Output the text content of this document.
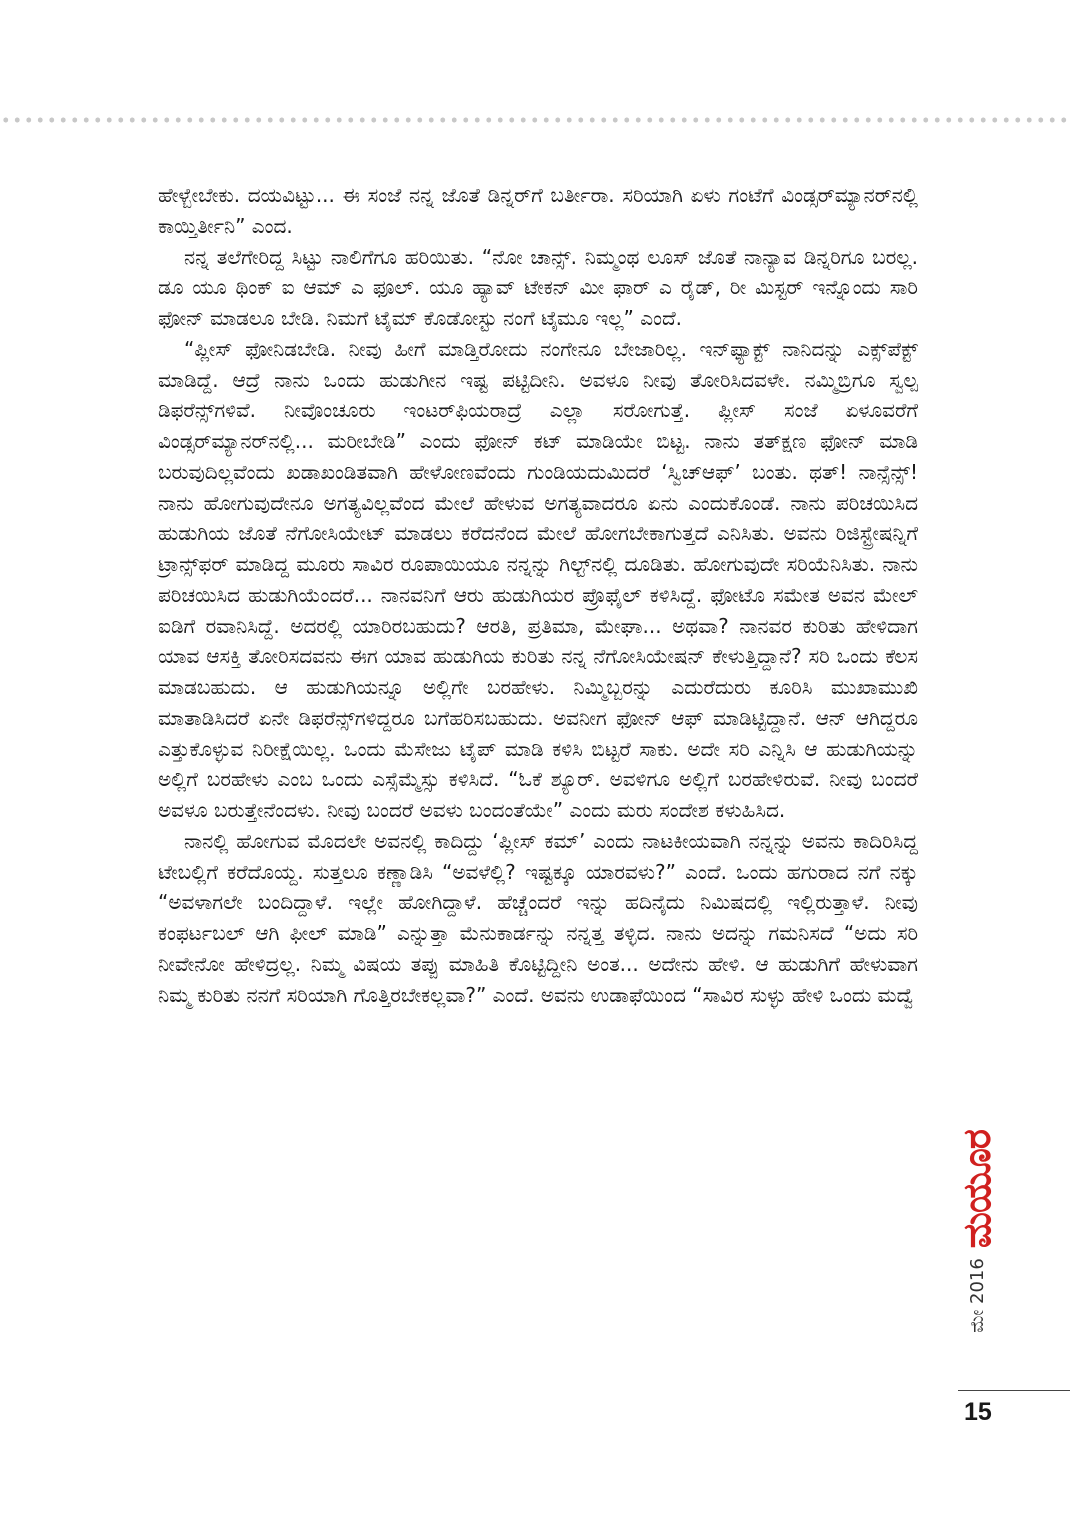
ಹೇಳ್ಬೇಬೇಕು. ದಯವಿಟ್ಟು... ಈ ಸಂಜೆ ನನ್ನ ಜೊತೆ ಡಿನ್ನರ್‌ಗೆ ಬರ್ತೀರಾ. ಸರಿಯಾಗಿ ಏಳು ಗಂಟೆಗೆ ವಿಂಡ್ಸರ್‌ಮ್ಯಾನರ್‌ನಲ್ಲಿ ಕಾಯ್ತಿರ್ತೀನಿ” ಎಂದ.

ನನ್ನ ತಲೆಗೇರಿದ್ದ ಸಿಟ್ಟು ನಾಲಿಗೆಗೂ ಹರಿಯಿತು. “ನೋ ಚಾನ್ಸ್. ನಿಮ್ಮಂಥ ಲೂಸ್ ಜೊತೆ ನಾನ್ಯಾವ ಡಿನ್ನರಿಗೂ ಬರಲ್ಲ. ಡೂ ಯೂ ಥಿಂಕ್ ಐ ಆಮ್ ಎ ಫೂಲ್. ಯೂ ಹ್ಯಾವ್ ಟೇಕನ್ ಮೀ ಫಾರ್ ಎ ರೈಡ್, ರೀ ಮಿಸ್ಟರ್ ಇನ್ನೊಂದು ಸಾರಿ ಫೋನ್ ಮಾಡಲೂ ಬೇಡಿ. ನಿಮಗೆ ಟೈಮ್ ಕೊಡೋಸ್ಟು ನಂಗೆ ಟೈಮೂ ಇಲ್ಲ” ಎಂದೆ.

“ಪ್ಲೀಸ್ ಫೋನಿಡಬೇಡಿ. ನೀವು ಹೀಗೆ ಮಾಡ್ತಿರೋದು ನಂಗೇನೂ ಬೇಜಾರಿಲ್ಲ. ಇನ್‌ಫ್ಯಾಕ್ಟ್ ನಾನಿದನ್ನು ಎಕ್ಸ್‌ಪೆಕ್ಟ್ ಮಾಡಿದ್ದೆ. ಆದ್ರೆ ನಾನು ಒಂದು ಹುಡುಗೀನ ಇಷ್ಟ ಪಟ್ಟಿದೀನಿ. ಅವಳೂ ನೀವು ತೋರಿಸಿದವಳೇ. ನಮ್ಮಿಬ್ರಿಗೂ ಸ್ವಲ್ಪ ಡಿಫರೆನ್ಸ್‌ಗಳಿವೆ. ನೀವೊಂಚೂರು ಇಂಟರ್‌ಫಿಯರಾದ್ರೆ ಎಲ್ಲಾ ಸರೋಗುತ್ತೆ. ಪ್ಲೀಸ್ ಸಂಜೆ ಏಳೂವರೆಗೆ ವಿಂಡ್ಸರ್‌ಮ್ಯಾನರ್‌ನಲ್ಲಿ... ಮರೀಬೇಡಿ” ಎಂದು ಫೋನ್ ಕಟ್ ಮಾಡಿಯೇ ಬಿಟ್ಟ. ನಾನು ತತ್‌ಕ್ಷಣ ಫೋನ್ ಮಾಡಿ ಬರುವುದಿಲ್ಲವೆಂದು ಖಡಾಖಂಡಿತವಾಗಿ ಹೇಳೋಣವೆಂದು ಗುಂಡಿಯದುಮಿದರೆ ‘ಸ್ವಿಚ್‌ಆಫ್’ ಬಂತು. ಥತ್! ನಾನ್ಸೆನ್ಸ್! ನಾನು ಹೋಗುವುದೇನೂ ಅಗತ್ಯವಿಲ್ಲವೆಂದ ಮೇಲೆ ಹೇಳುವ ಅಗತ್ಯವಾದರೂ ಏನು ಎಂದುಕೊಂಡೆ. ನಾನು ಪರಿಚಯಿಸಿದ ಹುಡುಗಿಯ ಜೊತೆ ನೆಗೋಸಿಯೇಟ್ ಮಾಡಲು ಕರೆದನೆಂದ ಮೇಲೆ ಹೋಗಬೇಕಾಗುತ್ತದೆ ಎನಿಸಿತು. ಅವನು ರಿಜಿಸ್ಟ್ರೇಷನ್ನಿಗೆ ಟ್ರಾನ್ಸ್‌ಫರ್ ಮಾಡಿದ್ದ ಮೂರು ಸಾವಿರ ರೂಪಾಯಿಯೂ ನನ್ನನ್ನು ಗಿಲ್ಟ್‌ನಲ್ಲಿ ದೂಡಿತು. ಹೋಗುವುದೇ ಸರಿಯೆನಿಸಿತು. ನಾನು ಪರಿಚಯಿಸಿದ ಹುಡುಗಿಯೆಂದರೆ... ನಾನವನಿಗೆ ಆರು ಹುಡುಗಿಯರ ಪ್ರೊಫೈಲ್ ಕಳಿಸಿದ್ದೆ. ಫೋಟೊ ಸಮೇತ ಅವನ ಮೇಲ್ ಐಡಿಗೆ ರವಾನಿಸಿದ್ದೆ. ಅದರಲ್ಲಿ ಯಾರಿರಬಹುದು? ಆರತಿ, ಪ್ರತಿಮಾ, ಮೇಘಾ... ಅಥವಾ? ನಾನವರ ಕುರಿತು ಹೇಳಿದಾಗ ಯಾವ ಆಸಕ್ತಿ ತೋರಿಸದವನು ಈಗ ಯಾವ ಹುಡುಗಿಯ ಕುರಿತು ನನ್ನ ನೆಗೋಸಿಯೇಷನ್ ಕೇಳುತ್ತಿದ್ದಾನೆ? ಸರಿ ಒಂದು ಕೆಲಸ ಮಾಡಬಹುದು. ಆ ಹುಡುಗಿಯನ್ನೂ ಅಲ್ಲಿಗೇ ಬರಹೇಳು. ನಿಮ್ಮಿಬ್ಬರನ್ನು ಎದುರೆದುರು ಕೂರಿಸಿ ಮುಖಾಮುಖಿ ಮಾತಾಡಿಸಿದರೆ ಏನೇ ಡಿಫರೆನ್ಸ್‌ಗಳಿದ್ದರೂ ಬಗೆಹರಿಸಬಹುದು. ಅವನೀಗ ಫೋನ್ ಆಫ್ ಮಾಡಿಟ್ಟಿದ್ದಾನೆ. ಆನ್ ಆಗಿದ್ದರೂ ಎತ್ತುಕೊಳ್ಳುವ ನಿರೀಕ್ಷೆಯಿಲ್ಲ. ಒಂದು ಮೆಸೇಜು ಟೈಪ್ ಮಾಡಿ ಕಳಿಸಿ ಬಿಟ್ಟರೆ ಸಾಕು. ಅದೇ ಸರಿ ಎನ್ನಿಸಿ ಆ ಹುಡುಗಿಯನ್ನು ಅಲ್ಲಿಗೆ ಬರಹೇಳು ಎಂಬ ಒಂದು ಎಸ್ಸೆಮ್ಮೆಸ್ಸು ಕಳಿಸಿದೆ. “ಓಕೆ ಶ್ಯೂರ್. ಅವಳಿಗೂ ಅಲ್ಲಿಗೆ ಬರಹೇಳಿರುವೆ. ನೀವು ಬಂದರೆ ಅವಳೂ ಬರುತ್ತೇನೆಂದಳು. ನೀವು ಬಂದರೆ ಅವಳು ಬಂದಂತೆಯೇ” ಎಂದು ಮರು ಸಂದೇಶ ಕಳುಹಿಸಿದ.

ನಾನಲ್ಲಿ ಹೋಗುವ ಮೊದಲೇ ಅವನಲ್ಲಿ ಕಾದಿದ್ದು ‘ಪ್ಲೀಸ್ ಕಮ್’ ಎಂದು ನಾಟಕೀಯವಾಗಿ ನನ್ನನ್ನು ಅವನು ಕಾದಿರಿಸಿದ್ದ ಟೇಬಲ್ಲಿಗೆ ಕರೆದೊಯ್ದ. ಸುತ್ತಲೂ ಕಣ್ಣಾಡಿಸಿ “ಅವಳೆಲ್ಲಿ? ಇಷ್ಟಕ್ಕೂ ಯಾರವಳು?” ಎಂದೆ. ಒಂದು ಹಗುರಾದ ನಗೆ ನಕ್ಕು “ಅವಳಾಗಲೇ ಬಂದಿದ್ದಾಳೆ. ಇಲ್ಲೇ ಹೋಗಿದ್ದಾಳೆ. ಹೆಚ್ಚೆಂದರೆ ಇನ್ನು ಹದಿನೈದು ನಿಮಿಷದಲ್ಲಿ ಇಲ್ಲಿರುತ್ತಾಳೆ. ನೀವು ಕಂಫರ್ಟಬಲ್ ಆಗಿ ಫೀಲ್ ಮಾಡಿ” ಎನ್ನುತ್ತಾ ಮೆನುಕಾರ್ಡನ್ನು ನನ್ನತ್ತ ತಳ್ಳಿದ. ನಾನು ಅದನ್ನು ಗಮನಿಸದೆ “ಅದು ಸರಿ ನೀವೇನೋ ಹೇಳಿದ್ರಲ್ಲ. ನಿಮ್ಮ ವಿಷಯ ತಪ್ಪು ಮಾಹಿತಿ ಕೊಟ್ಟಿದ್ದೀನಿ ಅಂತ... ಅದೇನು ಹೇಳಿ. ಆ ಹುಡುಗಿಗೆ ಹೇಳುವಾಗ ನಿಮ್ಮ ಕುರಿತು ನನಗೆ ಸರಿಯಾಗಿ ಗೊತ್ತಿರಬೇಕಲ್ಲವಾ?” ಎಂದೆ. ಅವನು ಉಡಾಫೆಯಿಂದ “ಸಾವಿರ ಸುಳ್ಳು ಹೇಳಿ ಒಂದು ಮದ್ವೆ

ಮಯೂರ
ಮೇ 2016
15
